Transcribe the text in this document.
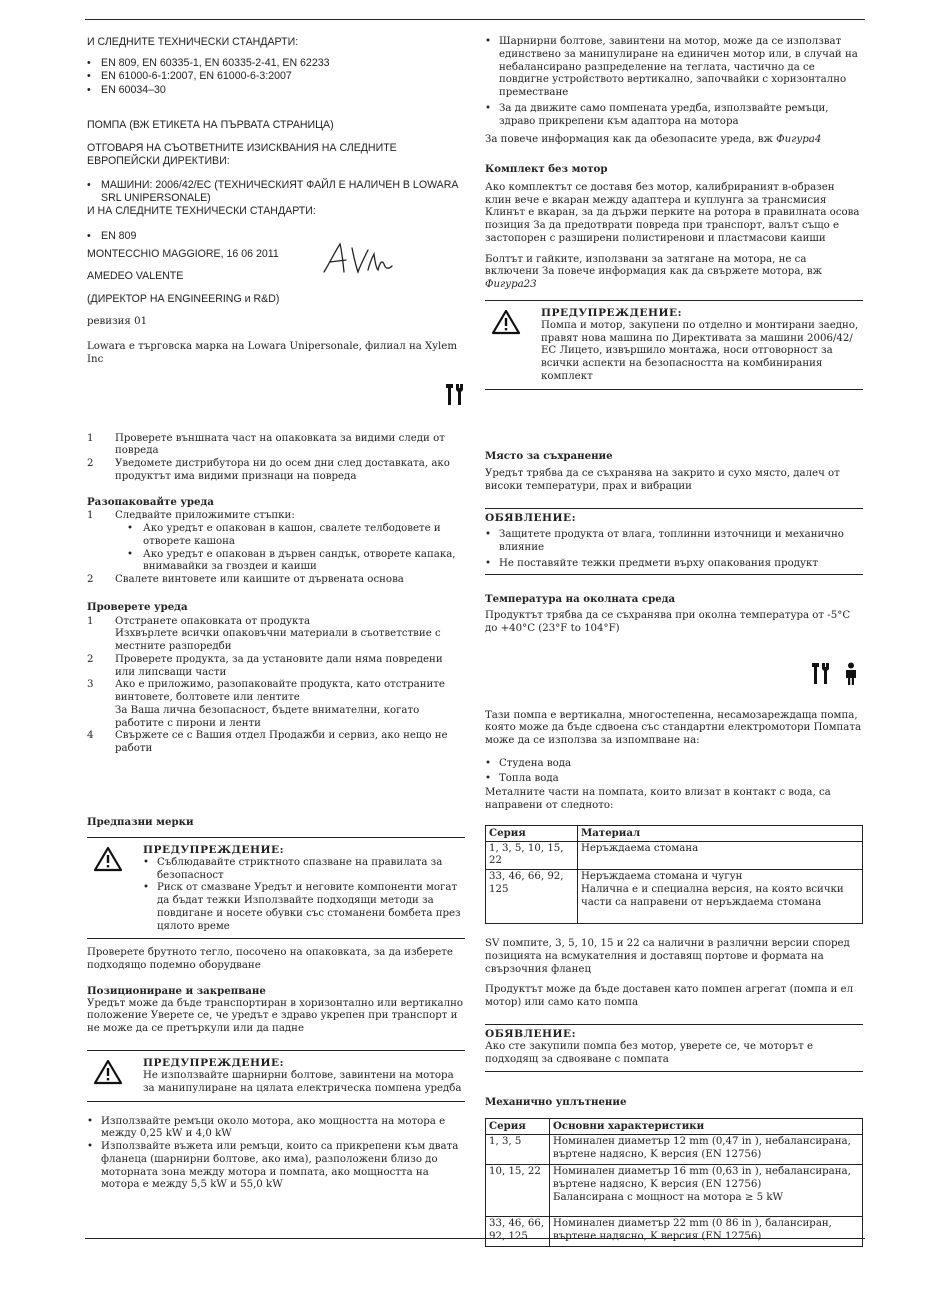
И СЛЕДНИТЕ ТЕХНИЧЕСКИ СТАНДАРТИ:

• EN 809, EN 60335-1, EN 60335-2-41, EN 62233
• EN 61000-6-1:2007, EN 61000-6-3:2007
• EN 60034–30

ПОМПА (ВЖ ЕТИКЕТА НА ПЪРВАТА СТРАНИЦА)

ОТГОВАРЯ НА СЪОТВЕТНИТЕ ИЗИСКВАНИЯ НА СЛЕДНИТЕ ЕВРОПЕЙСКИ ДИРЕКТИВИ:

• МАШИНИ: 2006/42/EC (ТЕХНИЧЕСКИЯТ ФАЙЛ Е НАЛИЧЕН В LOWARA SRL UNIPERSONALE)

И НА СЛЕДНИТЕ ТЕХНИЧЕСКИ СТАНДАРТИ:

• EN 809

MONTECCHIO MAGGIORE, 16 06 2011

AMEDEO VALENTE

(ДИРЕКТОР НА ENGINEERING и R&D)

ревизия 01

Lowara е търговска марка на Lowara Unipersonale, филиал на Xylem Inc

1 Проверете външната част на опаковката за видими следи от повреда
2 Уведомете дистрибутора ни до осем дни след доставката, ако продуктът има видими признаци на повреда
Разопаковайте уреда
1 Следвайте приложимите стъпки:
• Ако уредът е опакован в кашон, свалете телбодовете и отворете кашона
• Ако уредът е опакован в дървен сандък, отворете капака, внимавайки за гвоздеи и каиши
2 Свалете винтовете или каишите от дървената основа
Проверете уреда
1 Отстранете опаковката от продукта
Изхвърлете всички опаковъчни материали в съответствие с местните разпоредби
2 Проверете продукта, за да установите дали няма повредени или липсващи части
3 Ако е приложимо, разопаковайте продукта, като отстраните винтовете, болтовете или лентите
За Ваша лична безопасност, бъдете внимателни, когато работите с пирони и ленти
4 Свържете се с Вашия отдел Продажби и сервиз, ако нещо не работи
Предпазни мерки

ПРЕДУПРЕЖДЕНИЕ:

• Съблюдавайте стриктното спазване на правилата за безопасност
• Риск от смазване Уредът и неговите компоненти могат да бъдат тежки Използвайте подходящи методи за повдигане и носете обувки със стоманени бомбета през цялото време

Проверете брутното тегло, посочено на опаковката, за да изберете подходящо подемно оборудване

Позициониране и закрепване

Уредът може да бъде транспортиран в хоризонтално или вертикално положение Уверете се, че уредът е здраво укрепен при транспорт и не може да се претъркули или да падне

ПРЕДУПРЕЖДЕНИЕ:

Не използвайте шарнирни болтове, завинтени на мотора за манипулиране на цялата електрическа помпена уредба

• Използвайте ремъци около мотора, ако мощността на мотора е между 0,25 kW и 4,0 kW
• Използвайте въжета или ремъци, които са прикрепени към двата фланеца (шарнирни болтове, ако има), разположени близо до моторната зона между мотора и помпата, ако мощността на мотора е между 5,5 kW и 55,0 kW
• Шарнирни болтове, завинтени на мотор, може да се използват единствено за манипулиране на единичен мотор или, в случай на небалансирано разпределение на теглата, частично да се повдигне устройството вертикално, започвайки с хоризонтално преместване
• За да движите само помпената уредба, използвайте ремъци, здраво прикрепени към адаптора на мотора

За повече информация как да обезопасите уреда, вж Фигура4

Комплект без мотор

Ако комплектът се доставя без мотор, калибрираният в-образен клин вече е вкаран между адаптера и куплунга за трансмисия Клинът е вкаран, за да държи перките на ротора в правилната осова позиция За да предотврати повреда при транспорт, валът също е застопорен с разширени полистиренови и пластмасови каиши

Болтът и гайките, използвани за затягане на мотора, не са включени За повече информация как да свържете мотора, вж Фигура23

ПРЕДУПРЕЖДЕНИЕ:

Помпа и мотор, закупени по отделно и монтирани заедно, правят нова машина по Директивата за машини 2006/42/ЕС Лицето, извършило монтажа, носи отговорност за всички аспекти на безопасността на комбинирания комплект

Място за съхранение

Уредът трябва да се съхранява на закрито и сухо място, далеч от високи температури, прах и вибрации

ОБЯВЛЕНИЕ:

• Защитете продукта от влага, топлинни източници и механично влияние
• Не поставяйте тежки предмети върху опакования продукт
Температура на околната среда

Продуктът трябва да се съхранява при околна температура от -5°C до +40°C (23°F to 104°F)

Тази помпа е вертикална, многостепенна, несамозареждаща помпа, която може да бъде сдвоена със стандартни електромотори Помпата може да се използва за изпомпване на:

• Студена вода
• Топла вода

Металните части на помпата, които влизат в контакт с вода, са направени от следното:

Серия	Материал
1, 3, 5, 10, 15, 22	Неръждаема стомана
33, 46, 66, 92, 125	Неръждаема стомана и чугун
Налична е и специална версия, на която всички части са направени от неръждаема стомана

SV помпите, 3, 5, 10, 15 и 22 са налични в различни версии според позицията на всмукателния и доставящ портове и формата на свързочния фланец

Продуктът може да бъде доставен като помпен агрегат (помпа и ел мотор) или само като помпа

ОБЯВЛЕНИЕ:

Ако сте закупили помпа без мотор, уверете се, че моторът е подходящ за сдвояване с помпата

Механично уплътнение
Серия	Основни характеристики
1, 3, 5	Номинален диаметър 12 mm (0,47 in ), небалансирана, въртене надясно, K версия (EN 12756)
10, 15, 22	Номинален диаметър 16 mm (0,63 in ), небалансирана, въртене надясно, K версия (EN 12756)
Балансирана с мощност на мотора ≥ 5 kW
33, 46, 66, 92, 125	Номинален диаметър 22 mm (0 86 in ), балансиран, въртене надясно, K версия (EN 12756)
